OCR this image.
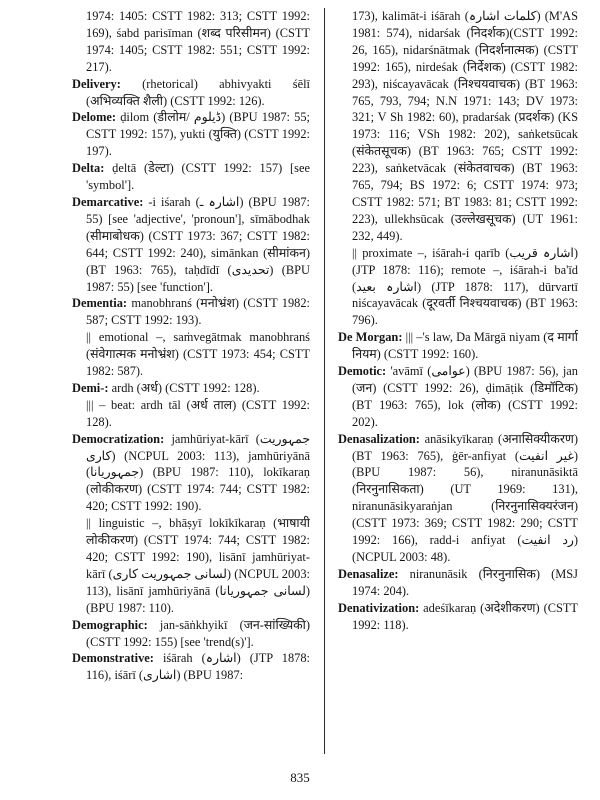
1974: 1405: CSTT 1982: 313; CSTT 1992: 169), śabd parisīman (शब्द परिसीमन) (CSTT 1974: 1405; CSTT 1982: 551; CSTT 1992: 217).

Delivery: (rhetorical) abhivyakti śēlī (अभिव्यक्ति शैली) (CSTT 1992: 126).

Delome: ḍilom (डीलोम/ ڈیلوم) (BPU 1987: 55; CSTT 1992: 157), yukti (युक्ति) (CSTT 1992: 197).

Delta: ḍeltā (डेल्टा) (CSTT 1992: 157) [see 'symbol'].

Demarcative: -i iśarah (اشارہ ـ) (BPU 1987: 55) [see 'adjective', 'pronoun'], sīmābodhak (सीमाबोधक) (CSTT 1973: 367; CSTT 1982: 644; CSTT 1992: 240), simānkan (सीमांकन) (BT 1963: 765), taḥdīdī (تحدیدی) (BPU 1987: 55) [see 'function'].

Dementia: manobhranś (मनोभ्रंश) (CSTT 1982: 587; CSTT 1992: 193).

|| emotional –, saṁvegātmak manobhranś (संवेगात्मक मनोभ्रंश) (CSTT 1973: 454; CSTT 1982: 587).

Demi-: ardh (अर्ध) (CSTT 1992: 128).

||| – beat: ardh tāl (अर्ध ताल) (CSTT 1992: 128).

Democratization: jamhūriyat-kārī (جمہوریت کاری) (NCPUL 2003: 113), jamhūriyānā (جمہوریانا) (BPU 1987: 110), lokīkaraṇ (लोकीकरण) (CSTT 1974: 744; CSTT 1982: 420; CSTT 1992: 190).

|| linguistic –, bhāṣyī lokīkīkaraṇ (भाषायी लोकीकरण) (CSTT 1974: 744; CSTT 1982: 420; CSTT 1992: 190), lisānī jamhūriyat-kārī (لسانی جمہوریت کاری) (NCPUL 2003: 113), lisānī jamhūriyānā (لسانی جمہوریانا) (BPU 1987: 110).

Demographic: jan-sāṅkhyikī (जन-सांख्यिकी) (CSTT 1992: 155) [see 'trend(s)'].

Demonstrative: iśārah (اشارہ) (JTP 1878: 116), iśārī (اشاری) (BPU 1987:

173), kalimāt-i iśārah (کلمات اشارہ) (M'AS 1981: 574), nidarśak (निदर्शक)(CSTT 1992: 26, 165), nidarśnātmak (निदर्शनात्मक) (CSTT 1992: 165), nirdeśak (निर्देशक) (CSTT 1982: 293), niścayavācak (निश्चयवाचक) (BT 1963: 765, 793, 794; N.N 1971: 143; DV 1973: 321; V Sh 1982: 60), pradarśak (प्रदर्शक) (KS 1973: 116; VSh 1982: 202), saṅketsūcak (संकेतसूचक) (BT 1963: 765; CSTT 1992: 223), saṅketvācak (संकेतवाचक) (BT 1963: 765, 794; BS 1972: 6; CSTT 1974: 973; CSTT 1982: 571; BT 1983: 81; CSTT 1992: 223), ullekhsūcak (उल्लेखसूचक) (UT 1961: 232, 449).

|| proximate –, iśārah-i qarīb (اشارہ قریب) (JTP 1878: 116); remote –, iśārah-i ba'īd (اشارہ بعید) (JTP 1878: 117), dūrvartī niścayavācak (दूरवर्ती निश्चयवाचक) (BT 1963: 796).

De Morgan: ||| –'s law, Da Mārgā niyam (द मार्गा नियम) (CSTT 1992: 160).

Demotic: 'avāmī (عوامی) (BPU 1987: 56), jan (जन) (CSTT 1992: 26), ḍimāṭik (डिमॉटिक) (BT 1963: 765), lok (लोक) (CSTT 1992: 202).

Denasalization: anāsikyīkaraṇ (अनासिक्यीकरण) (BT 1963: 765), ġēr-anfiyat (غیر انفیت) (BPU 1987: 56), niranunāsiktā (निरनुनासिकता) (UT 1969: 131), niranunāsikyaraṅjan (निरनुनासिक्यरंजन) (CSTT 1973: 369; CSTT 1982: 290; CSTT 1992: 166), radd-i anfiyat (رد انفیت) (NCPUL 2003: 48).

Denasalize: niranunāsik (निरनुनासिक) (MSJ 1974: 204).

Denativization: adeśīkaraṇ (अदेशीकरण) (CSTT 1992: 118).

835
